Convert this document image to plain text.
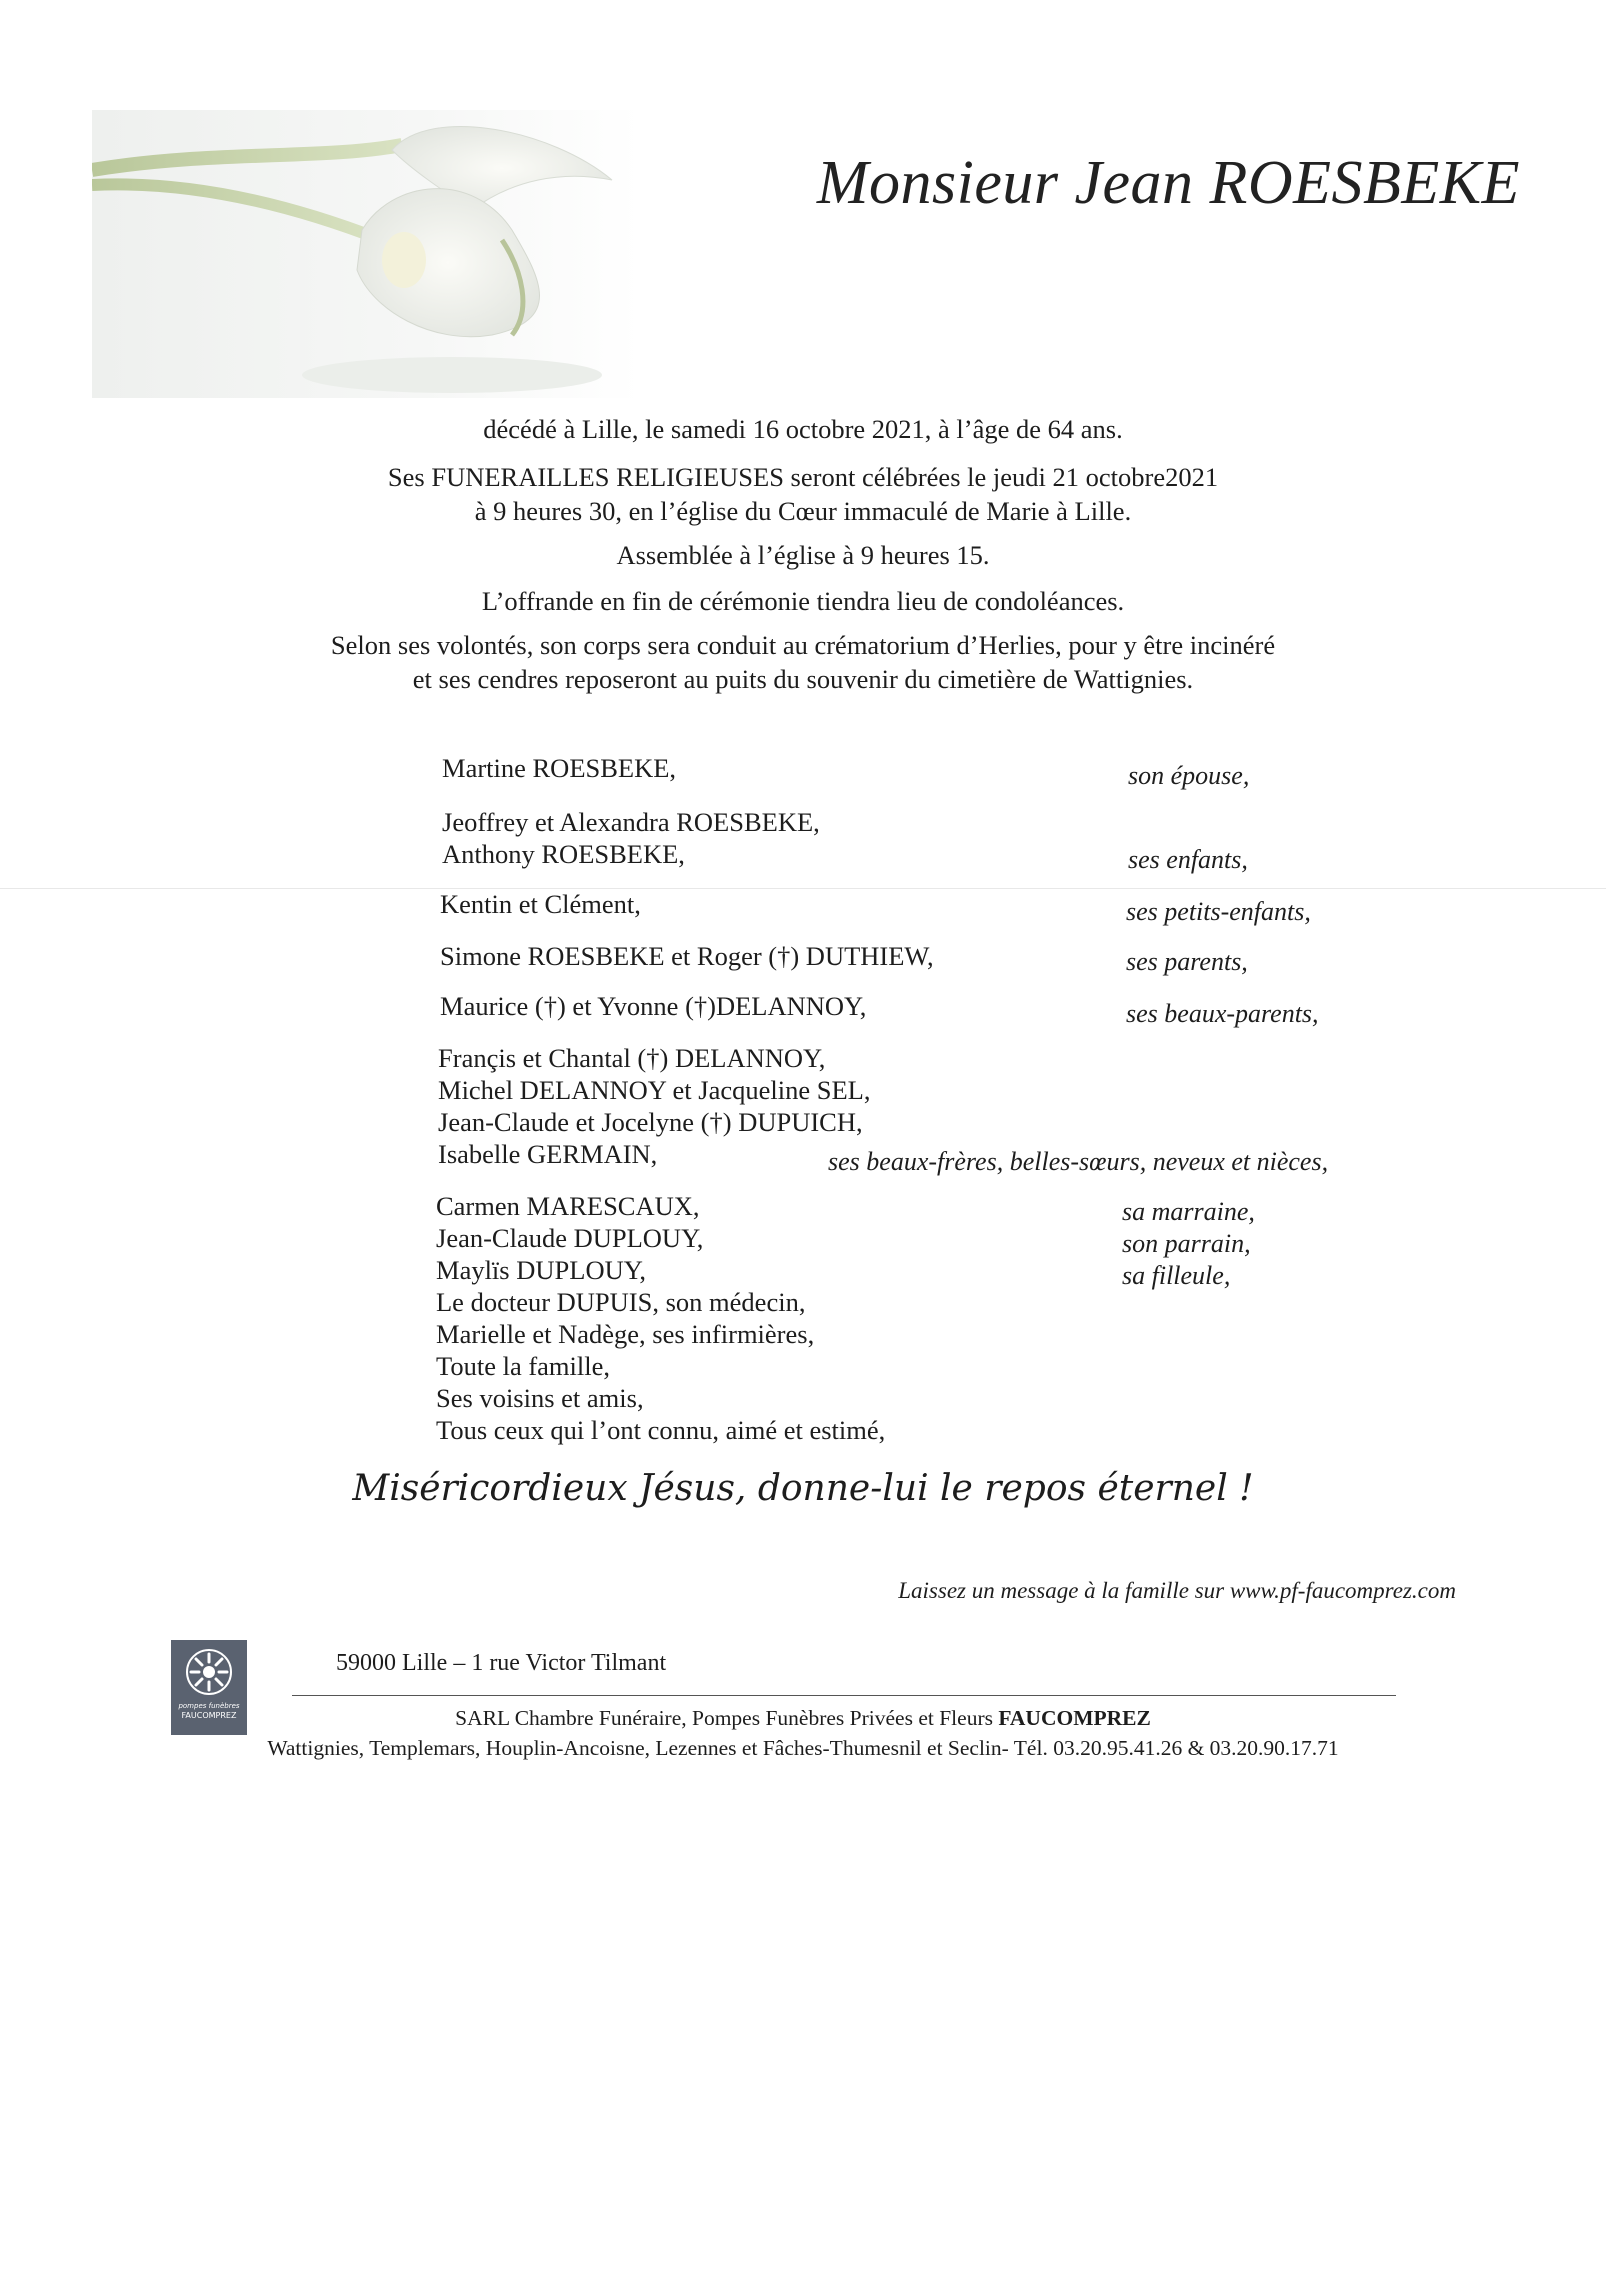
Monsieur Jean ROESBEKE
décédé à Lille, le samedi 16 octobre 2021, à l’âge de 64 ans.
Ses FUNERAILLES RELIGIEUSES seront célébrées le jeudi 21 octobre2021
à 9 heures 30, en l’église du Cœur immaculé de Marie à Lille.
Assemblée à l’église à 9 heures 15.
L’offrande en fin de cérémonie tiendra lieu de condoléances.
Selon ses volontés, son corps sera conduit au crématorium d’Herlies, pour y être incinéré
et ses cendres reposeront au puits du souvenir du cimetière de Wattignies.
Martine ROESBEKE,	son épouse,
Jeoffrey et Alexandra ROESBEKE,
Anthony ROESBEKE,	ses enfants,
Kentin et Clément,	ses petits-enfants,
Simone ROESBEKE et Roger (†) DUTHIEW,	ses parents,
Maurice (†) et Yvonne (†)DELANNOY,	ses beaux-parents,
Françis et Chantal (†) DELANNOY,
Michel DELANNOY et Jacqueline SEL,
Jean-Claude et Jocelyne (†) DUPUICH,
Isabelle GERMAIN,	ses beaux-frères, belles-sœurs, neveux et nièces,
Carmen MARESCAUX,	sa marraine,
Jean-Claude DUPLOUY,	son parrain,
Maylïs DUPLOUY,	sa filleule,
Le docteur DUPUIS, son médecin,
Marielle et Nadège, ses infirmières,
Toute la famille,
Ses voisins et amis,
Tous ceux qui l’ont connu, aimé et estimé,
Miséricordieux Jésus, donne-lui le repos éternel !
Laissez un message à la famille sur www.pf-faucomprez.com
pompes funèbres
FAUCOMPREZ
59000 Lille – 1 rue Victor Tilmant
SARL Chambre Funéraire, Pompes Funèbres Privées et Fleurs FAUCOMPREZ
Wattignies, Templemars, Houplin-Ancoisne, Lezennes et Fâches-Thumesnil et Seclin- Tél. 03.20.95.41.26 & 03.20.90.17.71
